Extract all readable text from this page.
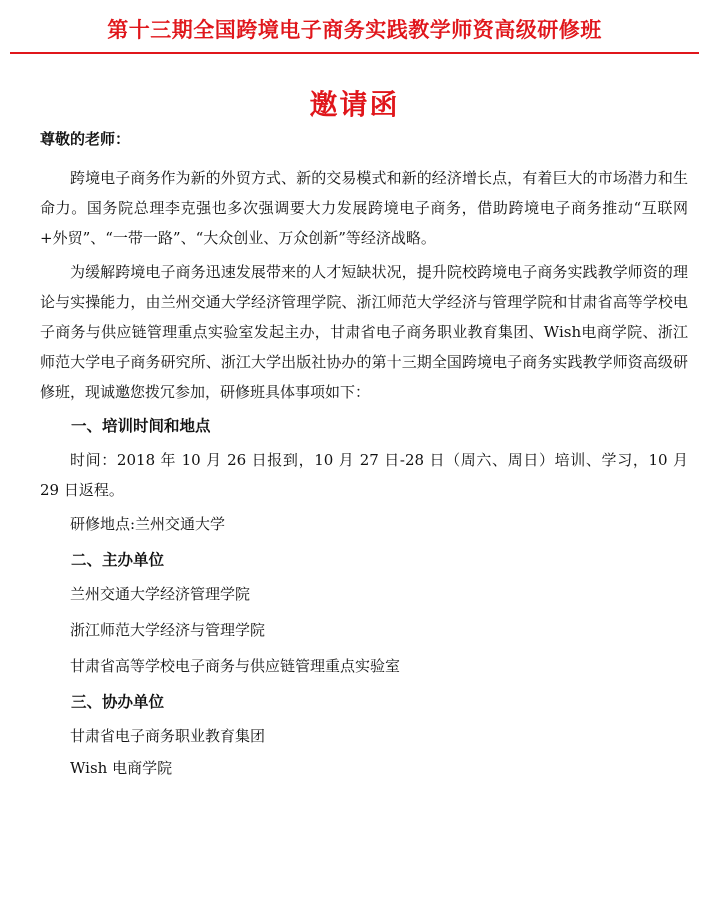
第十三期全国跨境电子商务实践教学师资高级研修班
邀请函
尊敬的老师：

跨境电子商务作为新的外贸方式、新的交易模式和新的经济增长点，有着巨大的市场潜力和生命力。国务院总理李克强也多次强调要大力发展跨境电子商务，借助跨境电子商务推动“互联网+外贸”、“一带一路”、“大众创业、万众创新”等经济战略。

为缓解跨境电子商务迅速发展带来的人才短缺状况，提升院校跨境电子商务实践教学师资的理论与实操能力，由兰州交通大学经济管理学院、浙江师范大学经济与管理学院和甘肃省高等学校电子商务与供应链管理重点实验室发起主办，甘肃省电子商务职业教育集团、Wish电商学院、浙江师范大学电子商务研究所、浙江大学出版社协办的第十三期全国跨境电子商务实践教学师资高级研修班，现诚邀您拨冗参加，研修班具体事项如下：

一、培训时间和地点

时间：2018 年 10 月 26 日报到，10 月 27 日-28 日（周六、周日）培训、学习，10 月 29 日返程。

研修地点:兰州交通大学
二、主办单位
兰州交通大学经济管理学院
浙江师范大学经济与管理学院
甘肃省高等学校电子商务与供应链管理重点实验室
三、协办单位
甘肃省电子商务职业教育集团
Wish 电商学院
